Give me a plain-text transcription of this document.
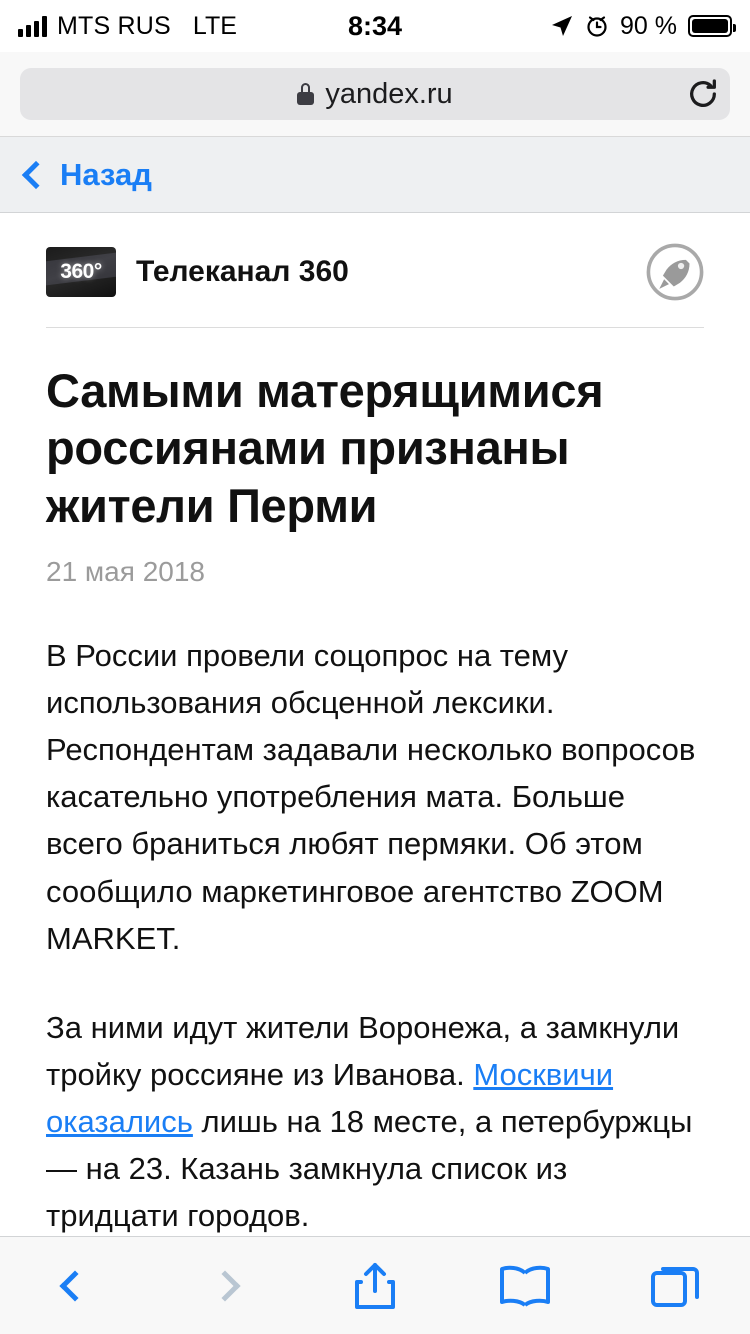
MTS RUS LTE	8:34	90 %
yandex.ru
Назад
360° Телеканал 360
Самыми матерящимися россиянами признаны жители Перми
21 мая 2018

В России провели соцопрос на тему использования обсценной лексики. Респондентам задавали несколько вопросов касательно употребления мата. Больше всего браниться любят пермяки. Об этом сообщило маркетинговое агентство ZOOM MARKET.

За ними идут жители Воронежа, а замкнули тройку россияне из Иванова. Москвичи оказались лишь на 18 месте, а петербуржцы — на 23. Казань замкнула список из тридцати городов.
